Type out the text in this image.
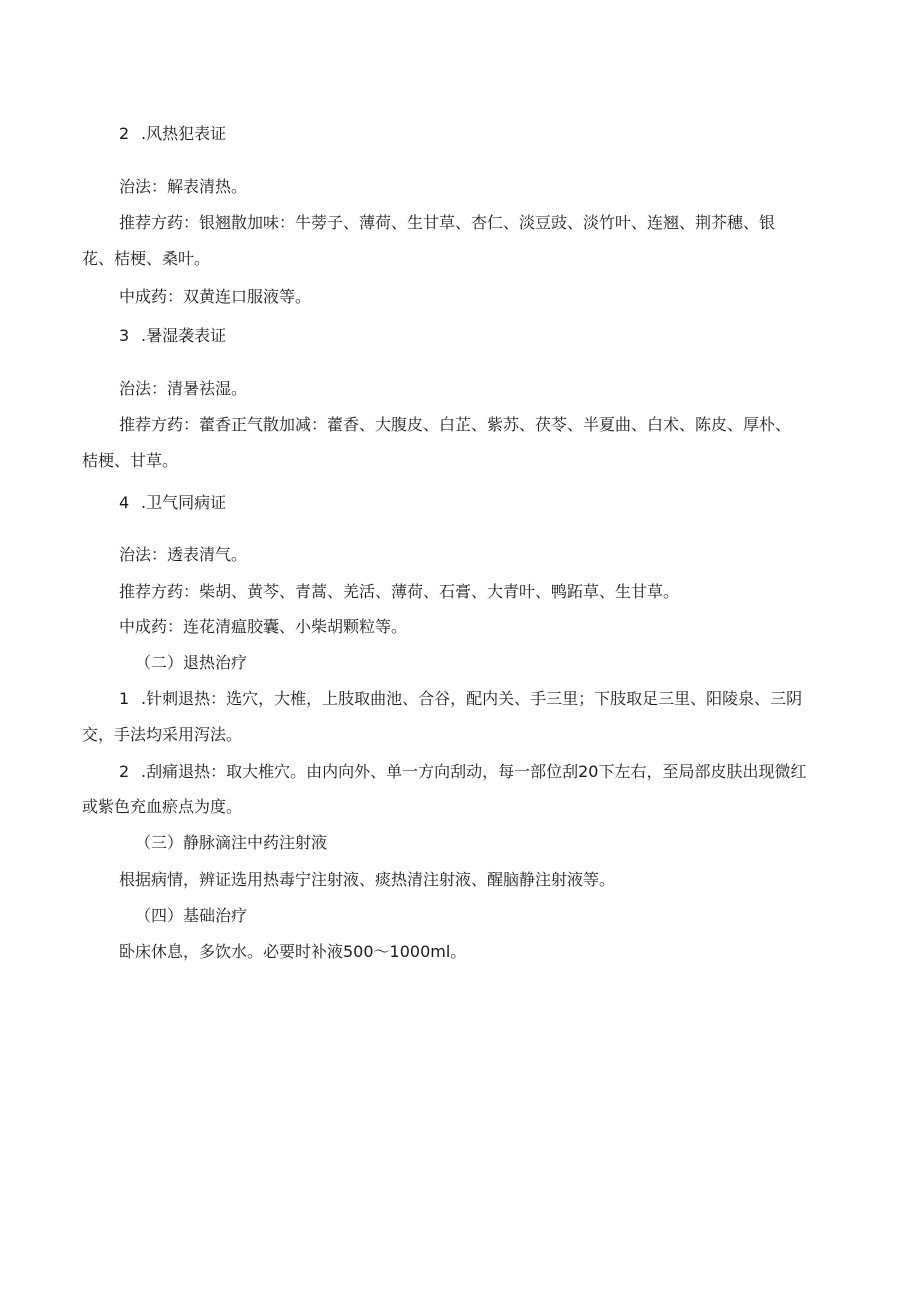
2 .风热犯表证
治法：解表清热。
推荐方药：银翘散加味：牛蒡子、薄荷、生甘草、杏仁、淡豆豉、淡竹叶、连翘、荆芥穗、银
花、桔梗、桑叶。
中成药：双黄连口服液等。
3 .暑湿袭表证
治法：清暑祛湿。
推荐方药：藿香正气散加减：藿香、大腹皮、白芷、紫苏、茯苓、半夏曲、白术、陈皮、厚朴、
桔梗、甘草。
4 .卫气同病证
治法：透表清气。
推荐方药：柴胡、黄芩、青蒿、羌活、薄荷、石膏、大青叶、鸭跖草、生甘草。
中成药：连花清瘟胶囊、小柴胡颗粒等。
（二）退热治疗
1 .针刺退热：选穴，大椎，上肢取曲池、合谷，配内关、手三里；下肢取足三里、阳陵泉、三阴
交，手法均采用泻法。
2 .刮痛退热：取大椎穴。由内向外、单一方向刮动，每一部位刮20下左右，至局部皮肤出现微红
或紫色充血瘀点为度。
（三）静脉滴注中药注射液
根据病情，辨证选用热毒宁注射液、痰热清注射液、醒脑静注射液等。
（四）基础治疗
卧床休息，多饮水。必要时补液500～1000ml。
